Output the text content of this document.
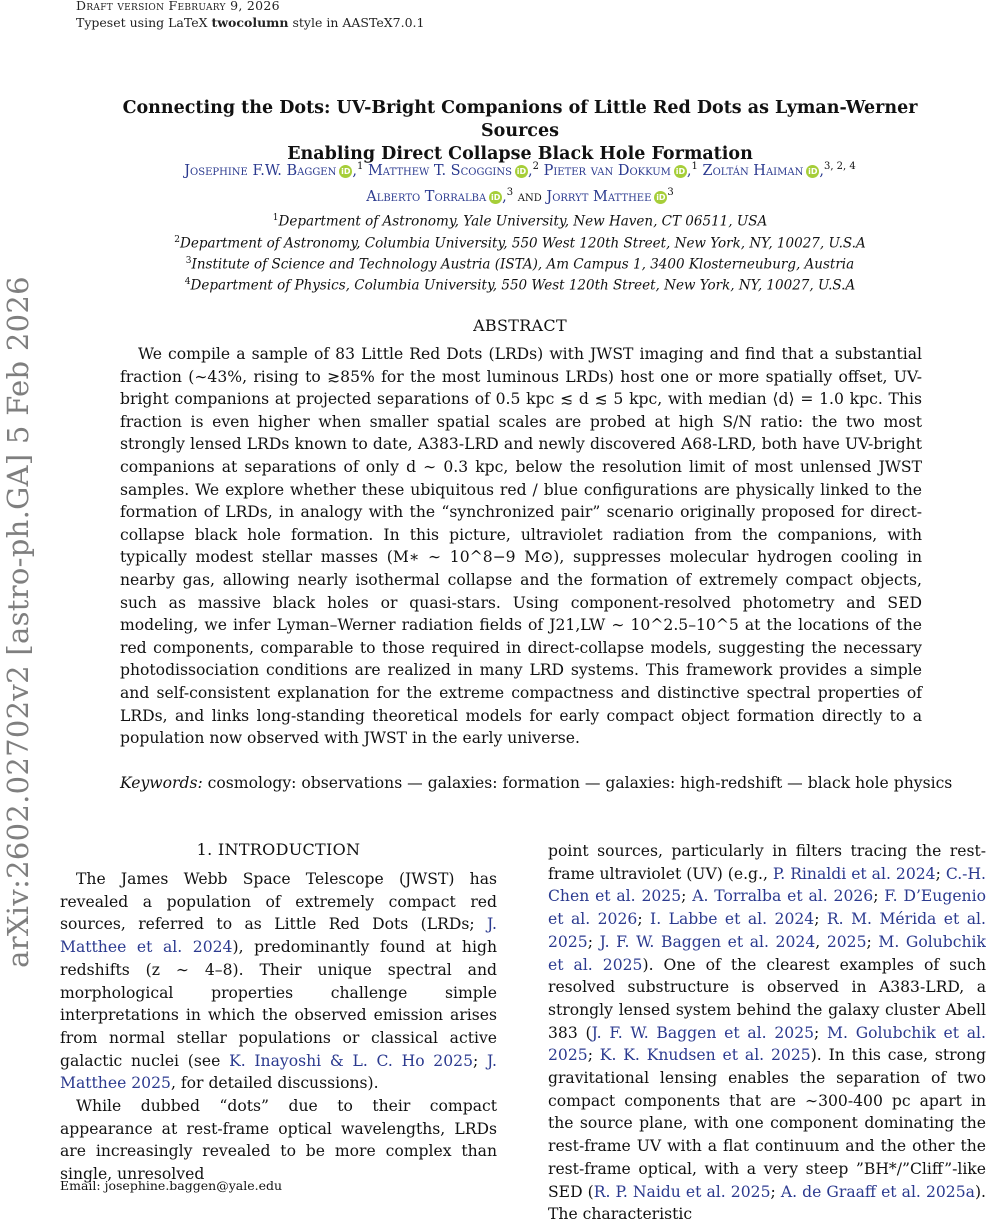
Draft version February 9, 2026
Typeset using LaTeX twocolumn style in AASTeX7.0.1
arXiv:2602.02702v2 [astro-ph.GA] 5 Feb 2026
Connecting the Dots: UV-Bright Companions of Little Red Dots as Lyman-Werner Sources
Enabling Direct Collapse Black Hole Formation
Josephine F.W. Baggen iD ,$^1$ Matthew T. Scoggins iD ,$^2$ Pieter van Dokkum iD ,$^1$ Zoltán Haiman iD ,$^{3, 2, 4}$
Alberto Torralba iD ,$^3$ and Jorryt Matthee iD $^3$
$^1$Department of Astronomy, Yale University, New Haven, CT 06511, USA
$^2$Department of Astronomy, Columbia University, 550 West 120th Street, New York, NY, 10027, U.S.A
$^3$Institute of Science and Technology Austria (ISTA), Am Campus 1, 3400 Klosterneuburg, Austria
$^4$Department of Physics, Columbia University, 550 West 120th Street, New York, NY, 10027, U.S.A
ABSTRACT

We compile a sample of 83 Little Red Dots (LRDs) with JWST imaging and find that a substantial fraction (∼43%, rising to ≳85% for the most luminous LRDs) host one or more spatially offset, UV-bright companions at projected separations of 0.5 kpc ≲ d ≲ 5 kpc, with median ⟨d⟩ = 1.0 kpc. This fraction is even higher when smaller spatial scales are probed at high S/N ratio: the two most strongly lensed LRDs known to date, A383-LRD and newly discovered A68-LRD, both have UV-bright companions at separations of only d ∼ 0.3 kpc, below the resolution limit of most unlensed JWST samples. We explore whether these ubiquitous red / blue configurations are physically linked to the formation of LRDs, in analogy with the “synchronized pair” scenario originally proposed for direct-collapse black hole formation. In this picture, ultraviolet radiation from the companions, with typically modest stellar masses (M∗ ∼ 10^8−9 M⊙), suppresses molecular hydrogen cooling in nearby gas, allowing nearly isothermal collapse and the formation of extremely compact objects, such as massive black holes or quasi-stars. Using component-resolved photometry and SED modeling, we infer Lyman–Werner radiation fields of J21,LW ∼ 10^2.5–10^5 at the locations of the red components, comparable to those required in direct-collapse models, suggesting the necessary photodissociation conditions are realized in many LRD systems. This framework provides a simple and self-consistent explanation for the extreme compactness and distinctive spectral properties of LRDs, and links long-standing theoretical models for early compact object formation directly to a population now observed with JWST in the early universe.

Keywords: cosmology: observations — galaxies: formation — galaxies: high-redshift — black hole physics

1. INTRODUCTION

The James Webb Space Telescope (JWST) has revealed a population of extremely compact red sources, referred to as Little Red Dots (LRDs; J. Matthee et al. 2024), predominantly found at high redshifts (z ∼ 4–8). Their unique spectral and morphological properties challenge simple interpretations in which the observed emission arises from normal stellar populations or classical active galactic nuclei (see K. Inayoshi & L. C. Ho 2025; J. Matthee 2025, for detailed discussions).

While dubbed “dots” due to their compact appearance at rest-frame optical wavelengths, LRDs are increasingly revealed to be more complex than single, unresolved

point sources, particularly in filters tracing the rest-frame ultraviolet (UV) (e.g., P. Rinaldi et al. 2024; C.-H. Chen et al. 2025; A. Torralba et al. 2026; F. D’Eugenio et al. 2026; I. Labbe et al. 2024; R. M. Mérida et al. 2025; J. F. W. Baggen et al. 2024, 2025; M. Golubchik et al. 2025). One of the clearest examples of such resolved substructure is observed in A383-LRD, a strongly lensed system behind the galaxy cluster Abell 383 (J. F. W. Baggen et al. 2025; M. Golubchik et al. 2025; K. K. Knudsen et al. 2025). In this case, strong gravitational lensing enables the separation of two compact components that are ∼300-400 pc apart in the source plane, with one component dominating the rest-frame UV with a flat continuum and the other the rest-frame optical, with a very steep ”BH*/”Cliff”-like SED (R. P. Naidu et al. 2025; A. de Graaff et al. 2025a). The characteristic

Email: josephine.baggen@yale.edu
